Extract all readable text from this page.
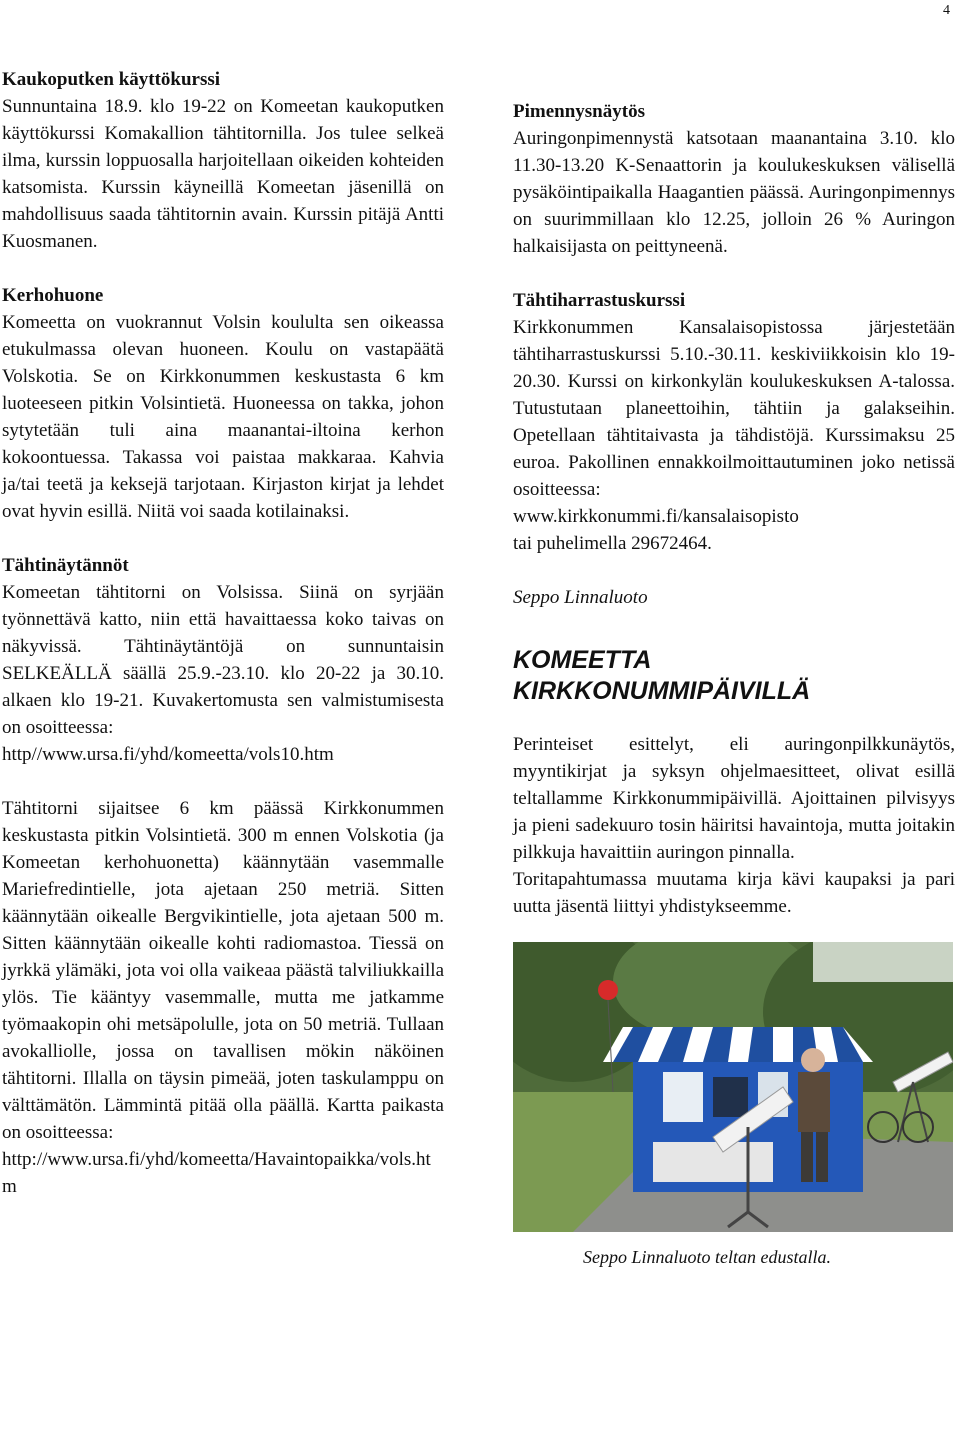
4
Kaukoputken käyttökurssi

Sunnuntaina 18.9. klo 19-22 on Komeetan kaukoputken käyttökurssi Komakallion tähtitornilla. Jos tulee selkeä ilma, kurssin loppuosalla harjoitellaan oikeiden kohteiden katsomista. Kurssin käyneillä Komeetan jäsenillä on mahdollisuus saada tähtitornin avain. Kurssin pitäjä Antti Kuosmanen.

Kerhohuone

Komeetta on vuokrannut Volsin koululta sen oikeassa etukulmassa olevan huoneen. Koulu on vastapäätä Volskotia. Se on Kirkkonummen keskustasta 6 km luoteeseen pitkin Volsintietä. Huoneessa on takka, johon sytytetään tuli aina maanantai-iltoina kerhon kokoontuessa. Takassa voi paistaa makkaraa. Kahvia ja/tai teetä ja keksejä tarjotaan. Kirjaston kirjat ja lehdet ovat hyvin esillä. Niitä voi saada kotilainaksi.

Tähtinäytännöt

Komeetan tähtitorni on Volsissa. Siinä on syrjään työnnettävä katto, niin että havaittaessa koko taivas on näkyvissä. Tähtinäytäntöjä on sunnuntaisin SELKEÄLLÄ säällä 25.9.-23.10. klo 20-22 ja 30.10. alkaen klo 19-21. Kuvakertomusta sen valmistumisesta on osoitteessa:

http//www.ursa.fi/yhd/komeetta/vols10.htm

Tähtitorni sijaitsee 6 km päässä Kirkkonummen keskustasta pitkin Volsintietä. 300 m ennen Volskotia (ja Komeetan kerhohuonetta) käännytään vasemmalle Mariefredintielle, jota ajetaan 250 metriä. Sitten käännytään oikealle Bergvikintielle, jota ajetaan 500 m. Sitten käännytään oikealle kohti radiomastoa. Tiessä on jyrkkä ylämäki, jota voi olla vaikeaa päästä talviliukkailla ylös. Tie kääntyy vasemmalle, mutta me jatkamme työmaakopin ohi metsäpolulle, jota on 50 metriä. Tullaan avokalliolle, jossa on tavallisen mökin näköinen tähtitorni. Illalla on täysin pimeää, joten taskulamppu on välttämätön. Lämmintä pitää olla päällä. Kartta paikasta on osoitteessa:

http://www.ursa.fi/yhd/komeetta/Havaintopaikka/vols.htm
Pimennysnäytös

Auringonpimennystä katsotaan maanantaina 3.10. klo 11.30-13.20 K-Senaattorin ja koulukeskuksen välisellä pysäköintipaikalla Haagantien päässä. Auringonpimennys on suurimmillaan klo 12.25, jolloin 26 % Auringon halkaisijasta on peittyneenä.

Tähtiharrastuskurssi

Kirkkonummen Kansalaisopistossa järjestetään tähtiharrastuskurssi 5.10.-30.11. keskiviikkoisin klo 19-20.30. Kurssi on kirkonkylän koulukeskuksen A-talossa. Tutustutaan planeettoihin, tähtiin ja galakseihin. Opetellaan tähtitaivasta ja tähdistöjä. Kurssimaksu 25 euroa. Pakollinen ennakkoilmoittautuminen joko netissä osoitteessa:

www.kirkkonummi.fi/kansalaisopisto
tai puhelimella 29672464.
Seppo Linnaluoto
KOMEETTA
KIRKKONUMMIPÄIVILLÄ

Perinteiset esittelyt, eli auringonpilkkunäytös, myyntikirjat ja syksyn ohjelmaesitteet, olivat esillä teltallamme Kirkkonummipäivillä. Ajoittainen pilvisyys ja pieni sadekuuro tosin häiritsi havaintoja, mutta joitakin pilkkuja havaittiin auringon pinnalla.

Toritapahtumassa muutama kirja kävi kaupaksi ja pari uutta jäsentä liittyi yhdistykseemme.

Seppo Linnaluoto teltan edustalla.
